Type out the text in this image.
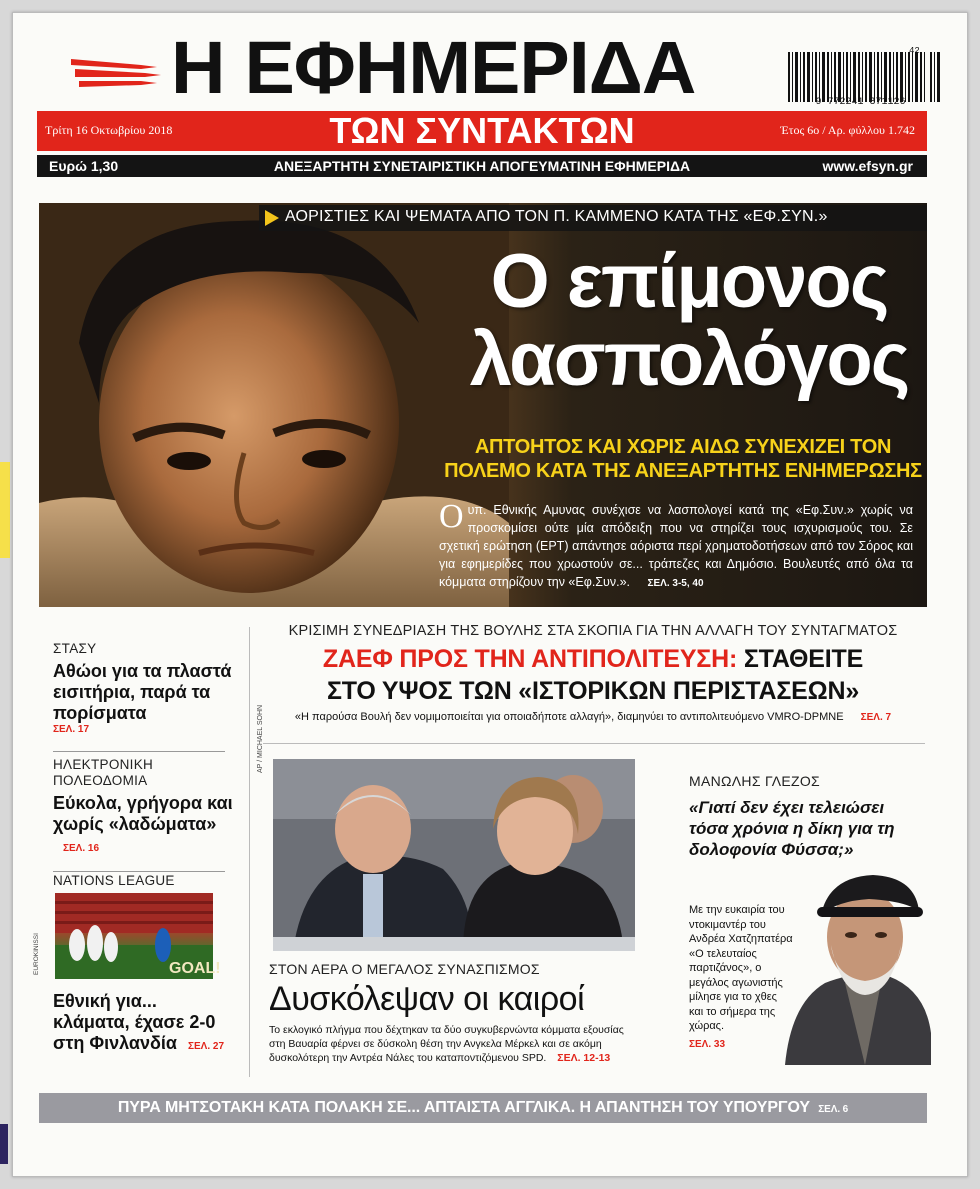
Η ΕΦΗΜΕΡΙΔΑ	42
9 772241 371126
Τρίτη 16 Οκτωβρίου 2018	ΤΩΝ ΣΥΝΤΑΚΤΩΝ	Έτος 6ο / Αρ. φύλλου 1.742
Ευρώ 1,30	ΑΝΕΞΑΡΤΗΤΗ ΣΥΝΕΤΑΙΡΙΣΤΙΚΗ ΑΠΟΓΕΥΜΑΤΙΝΗ ΕΦΗΜΕΡΙΔΑ	www.efsyn.gr
ΑΟΡΙΣΤΙΕΣ ΚΑΙ ΨΕΜΑΤΑ ΑΠΟ ΤΟΝ Π. ΚΑΜΜΕΝΟ ΚΑΤΑ ΤΗΣ «ΕΦ.ΣΥΝ.»
Ο επίμονος
λασπολόγος
ΑΠΤΟΗΤΟΣ ΚΑΙ ΧΩΡΙΣ ΑΙΔΩ ΣΥΝΕΧΙΖΕΙ ΤΟΝ ΠΟΛΕΜΟ ΚΑΤΑ ΤΗΣ ΑΝΕΞΑΡΤΗΤΗΣ ΕΝΗΜΕΡΩΣΗΣ
Ο υπ. Εθνικής Αμυνας συνέχισε να λασπολογεί κατά της «Εφ.Συν.» χωρίς να προσκομίσει ούτε μία απόδειξη που να στηρίζει τους ισχυρισμούς του. Σε σχετική ερώτηση (ΕΡΤ) απάντησε αόριστα περί χρηματοδοτήσεων από τον Σόρος και για εφημερίδες που χρωστούν σε... τράπεζες και Δημόσιο. Βουλευτές από όλα τα κόμματα στηρίζουν την «Εφ.Συν.». ΣΕΛ. 3-5, 40
ΣΤΑΣΥ
Αθώοι για τα πλαστά εισιτήρια, παρά τα πορίσματα
ΣΕΛ. 17
ΗΛΕΚΤΡΟΝΙΚΗ ΠΟΛΕΟΔΟΜΙΑ
Εύκολα, γρήγορα και χωρίς «λαδώματα» ΣΕΛ. 16
NATIONS LEAGUE
GOAL!
EUROKINISSI
Εθνική για... κλάματα, έχασε 2-0 στη Φινλανδία ΣΕΛ. 27
ΚΡΙΣΙΜΗ ΣΥΝΕΔΡΙΑΣΗ ΤΗΣ ΒΟΥΛΗΣ ΣΤΑ ΣΚΟΠΙΑ ΓΙΑ ΤΗΝ ΑΛΛΑΓΗ ΤΟΥ ΣΥΝΤΑΓΜΑΤΟΣ
ΖΑΕΦ ΠΡΟΣ ΤΗΝ ΑΝΤΙΠΟΛΙΤΕΥΣΗ: ΣΤΑΘΕΙΤΕ
ΣΤΟ ΥΨΟΣ ΤΩΝ «ΙΣΤΟΡΙΚΩΝ ΠΕΡΙΣΤΑΣΕΩΝ»
«Η παρούσα Βουλή δεν νομιμοποιείται για οποιαδήποτε αλλαγή», διαμηνύει το αντιπολιτευόμενο VMRO-DPMNE ΣΕΛ. 7
AP / MICHAEL SOHN
ΣΤΟΝ ΑΕΡΑ Ο ΜΕΓΑΛΟΣ ΣΥΝΑΣΠΙΣΜΟΣ
Δυσκόλεψαν οι καιροί
Το εκλογικό πλήγμα που δέχτηκαν τα δύο συγκυβερνώντα κόμματα εξουσίας στη Βαυαρία φέρνει σε δύσκολη θέση την Ανγκελα Μέρκελ και σε ακόμη δυσκολότερη την Αντρέα Νάλες του καταποντιζόμενου SPD. ΣΕΛ. 12-13
ΜΑΝΩΛΗΣ ΓΛΕΖΟΣ
«Γιατί δεν έχει τελειώσει τόσα χρόνια η δίκη για τη δολοφονία Φύσσα;»
Με την ευκαιρία του ντοκιμαντέρ του Ανδρέα Χατζηπατέρα «Ο τελευταίος παρτιζάνος», ο μεγάλος αγωνιστής μίλησε για το χθες και το σήμερα της χώρας.
ΣΕΛ. 33
ΠΥΡΑ ΜΗΤΣΟΤΑΚΗ ΚΑΤΑ ΠΟΛΑΚΗ ΣΕ... ΑΠΤΑΙΣΤΑ ΑΓΓΛΙΚΑ. Η ΑΠΑΝΤΗΣΗ ΤΟΥ ΥΠΟΥΡΓΟΥ ΣΕΛ. 6
